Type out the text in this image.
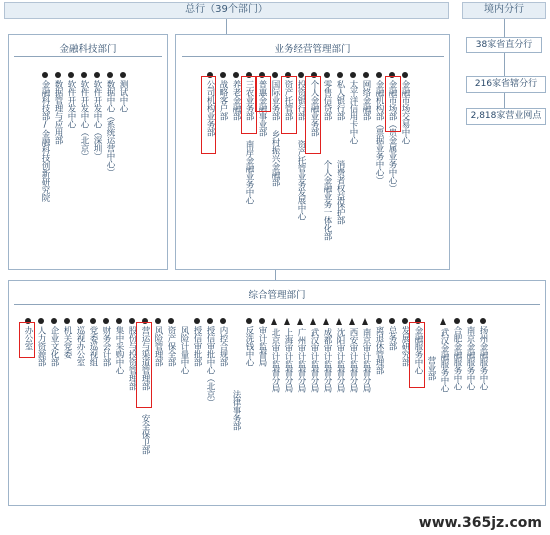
总行（39个部门）	境内分行
38家省直分行
216家省辖分行
2,818家营业网点
金融科技部门
金融科技部/金融科技创新研究院 数据管理与应用部 软件开发中心 软件开发中心（北京） 软件开发中心（深圳） 数据中心（系统运营中心） 测试中心
业务经营管理部门
公司机构业务部 战略客户部 养老金融部 三农业务部
南岸金融业务中心
普惠金融事业部
乡村振兴金融部
国际业务部 资产托管部
资产托管业务发展中心
投资银行部 个人金融业务部
个人金融业务一体化部
零售信贷部
消费者权益保护部
私人银行部 太平洋信用卡中心 网络金融部 金融机构部（票据业务中心） 金融市场部（贵金属业务中心） 金融市场交易中心
综合管理部门
办公室 人力资源部 企业文化部 机关党委 巡视办公室 党委巡视组 财务会计部 集中采购中心 股份与投资管理部 营运与渠道管理部
安全保卫部
风险管理部 资产保全部 风险计量中心 授信审批部 授信审批中心（北京） 内控合规部
法律事务部
反洗钱中心 审计监督局 北京审计监督分局 上海审计监督分局 广州审计监督分局 武汉审计监督分局 成都审计监督分局 沈阳审计监督分局 西安审计监督分局 南京审计监督分局 离退休管理部 总务部 发展研究部 金融服务中心 营业部 武汉金融服务中心 合肥金融服务中心 南京金融服务中心 扬州金融服务中心
www.365jz.com
